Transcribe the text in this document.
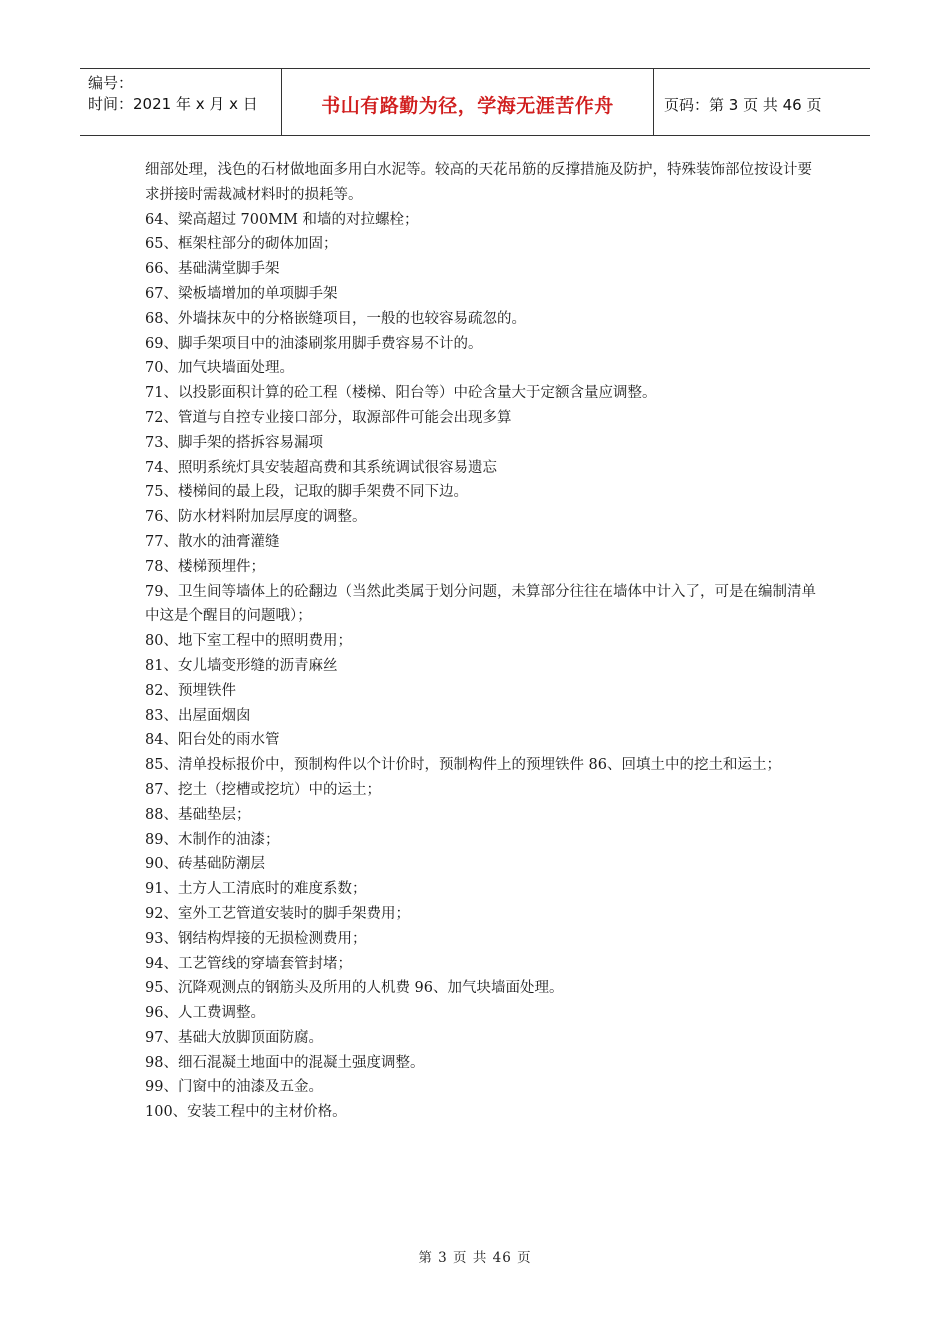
编号：
时间：2021 年 x 月 x 日	书山有路勤为径，学海无涯苦作舟	页码：第 3 页 共 46 页

细部处理，浅色的石材做地面多用白水泥等。较高的天花吊筋的反撑措施及防护，特殊装饰部位按设计要求拼接时需裁减材料时的损耗等。

64、梁高超过 700MM 和墙的对拉螺栓；

65、框架柱部分的砌体加固；

66、基础满堂脚手架

67、梁板墙增加的单项脚手架

68、外墙抹灰中的分格嵌缝项目，一般的也较容易疏忽的。

69、脚手架项目中的油漆刷浆用脚手费容易不计的。

70、加气块墙面处理。

71、以投影面积计算的砼工程（楼梯、阳台等）中砼含量大于定额含量应调整。

72、管道与自控专业接口部分，取源部件可能会出现多算

73、脚手架的搭拆容易漏项

74、照明系统灯具安装超高费和其系统调试很容易遗忘

75、楼梯间的最上段，记取的脚手架费不同下边。

76、防水材料附加层厚度的调整。

77、散水的油膏灌缝

78、楼梯预埋件；

79、卫生间等墙体上的砼翻边（当然此类属于划分问题，未算部分往往在墙体中计入了，可是在编制清单中这是个醒目的问题哦）；

80、地下室工程中的照明费用；

81、女儿墙变形缝的沥青麻丝

82、预埋铁件

83、出屋面烟囱

84、阳台处的雨水管

85、清单投标报价中，预制构件以个计价时，预制构件上的预埋铁件 86、回填土中的挖土和运土；

87、挖土（挖槽或挖坑）中的运土；

88、基础垫层；

89、木制作的油漆；

90、砖基础防潮层

91、土方人工清底时的难度系数；

92、室外工艺管道安装时的脚手架费用；

93、钢结构焊接的无损检测费用；

94、工艺管线的穿墙套管封堵；

95、沉降观测点的钢筋头及所用的人机费 96、加气块墙面处理。

96、人工费调整。

97、基础大放脚顶面防腐。

98、细石混凝土地面中的混凝土强度调整。

99、门窗中的油漆及五金。

100、安装工程中的主材价格。

第 3 页 共 46 页
